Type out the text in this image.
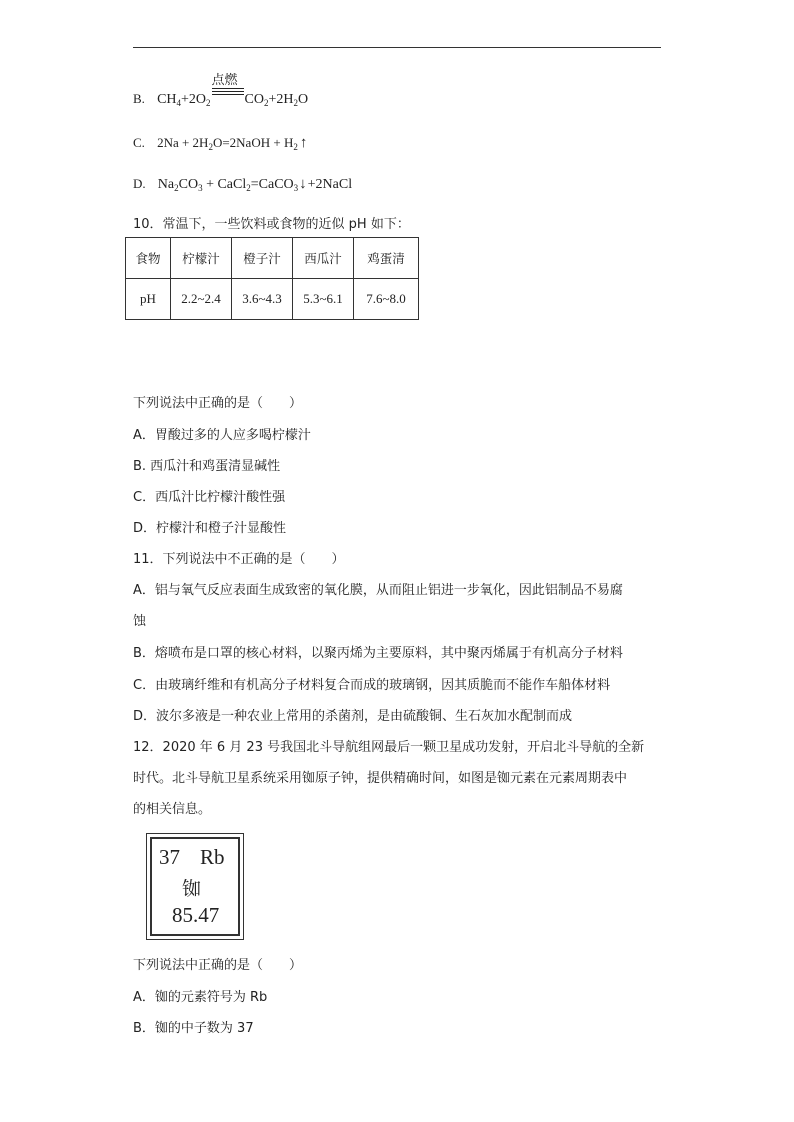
B. $CH_4+2O_2$
点燃
$CO_2+2H_2O$
C. $2Na + 2H_2O=2NaOH + H_2$ ↑
D. $Na_2CO_3$ + CaCl$_2$=CaCO$_3$↓+2NaCl
10．常温下，一些饮料或食物的近似 pH 如下：
食物	柠檬汁	橙子汁	西瓜汁	鸡蛋清
pH	2.2~2.4	3.6~4.3	5.3~6.1	7.6~8.0
下列说法中正确的是（　　）
A．胃酸过多的人应多喝柠檬汁
B. 西瓜汁和鸡蛋清显碱性
C．西瓜汁比柠檬汁酸性强
D．柠檬汁和橙子汁显酸性
11．下列说法中不正确的是（　　）
A．铝与氧气反应表面生成致密的氧化膜，从而阻止铝进一步氧化，因此铝制品不易腐
蚀
B．熔喷布是口罩的核心材料，以聚丙烯为主要原料，其中聚丙烯属于有机高分子材料
C．由玻璃纤维和有机高分子材料复合而成的玻璃钢，因其质脆而不能作车船体材料
D．波尔多液是一种农业上常用的杀菌剂，是由硫酸铜、生石灰加水配制而成
12．2020 年 6 月 23 号我国北斗导航组网最后一颗卫星成功发射，开启北斗导航的全新
时代。北斗导航卫星系统采用铷原子钟，提供精确时间，如图是铷元素在元素周期表中
的相关信息。
37 Rb
铷
85.47
下列说法中正确的是（　　）
A．铷的元素符号为 Rb
B．铷的中子数为 37
